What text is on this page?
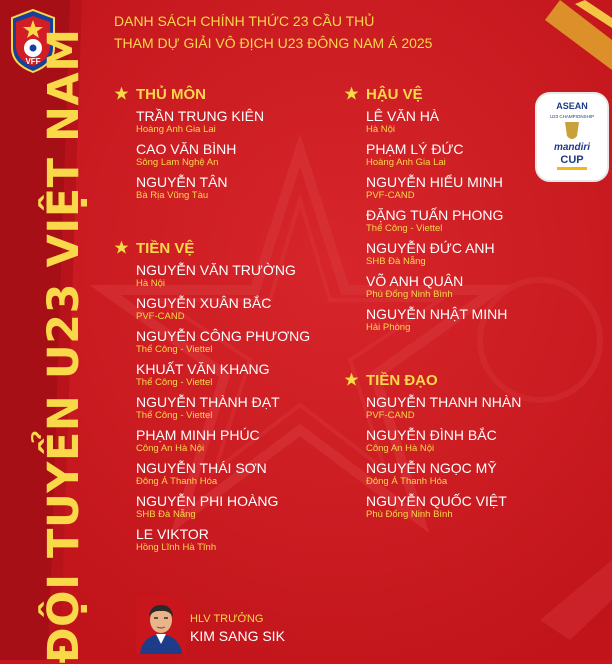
VFF
ĐỘI TUYỂN U23 VIỆT NAM
DANH SÁCH CHÍNH THỨC 23 CẦU THỦ
THAM DỰ GIẢI VÔ ĐỊCH U23 ĐÔNG NAM Á 2025
ASEAN
U23 CHAMPIONSHIP
mandiri
CUP
THỦ MÔN
TRẦN TRUNG KIÊN
Hoàng Anh Gia Lai
CAO VĂN BÌNH
Sông Lam Nghệ An
NGUYỄN TÂN
Bà Rịa Vũng Tàu
TIỀN VỆ
NGUYỄN VĂN TRƯỜNG
Hà Nội
NGUYỄN XUÂN BẮC
PVF-CAND
NGUYỄN CÔNG PHƯƠNG
Thể Công - Viettel
KHUẤT VĂN KHANG
Thể Công - Viettel
NGUYỄN THÀNH ĐẠT
Thể Công - Viettel
PHẠM MINH PHÚC
Công An Hà Nội
NGUYỄN THÁI SƠN
Đông Á Thanh Hóa
NGUYỄN PHI HOÀNG
SHB Đà Nẵng
LE VIKTOR
Hồng Lĩnh Hà Tĩnh
HẬU VỆ
LÊ VĂN HÀ
Hà Nội
PHẠM LÝ ĐỨC
Hoàng Anh Gia Lai
NGUYỄN HIỂU MINH
PVF-CAND
ĐẶNG TUẤN PHONG
Thể Công - Viettel
NGUYỄN ĐỨC ANH
SHB Đà Nẵng
VÕ ANH QUÂN
Phù Đổng Ninh Bình
NGUYỄN NHẬT MINH
Hải Phòng
TIỀN ĐẠO
NGUYỄN THANH NHÀN
PVF-CAND
NGUYỄN ĐÌNH BẮC
Công An Hà Nội
NGUYỄN NGỌC MỸ
Đông Á Thanh Hóa
NGUYỄN QUỐC VIỆT
Phù Đổng Ninh Bình
HLV TRƯỞNG
KIM SANG SIK
